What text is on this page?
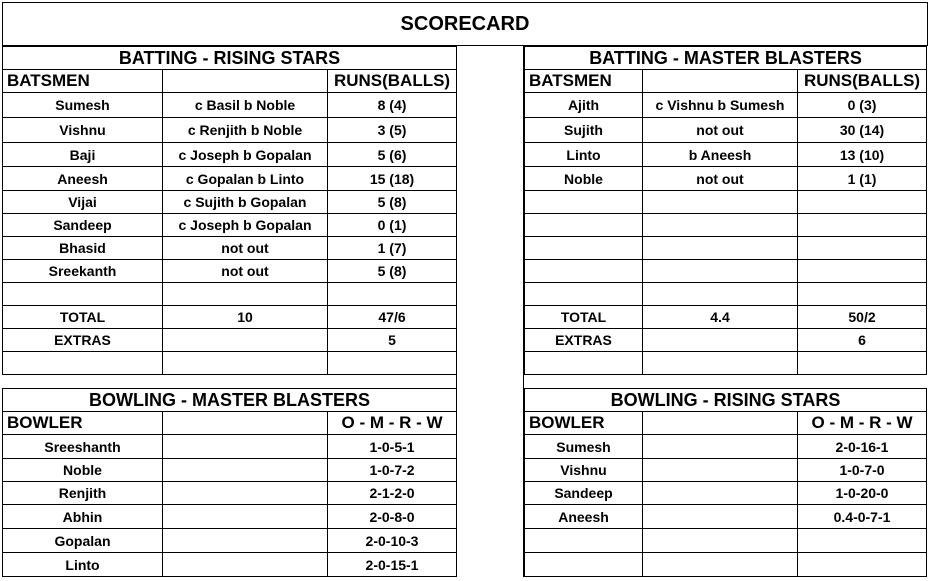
SCORECARD
BATTING - RISING STARS		
BATSMEN		RUNS(BALLS)
Sumesh	c Basil b Noble	8 (4)
Vishnu	c Renjith b Noble	3 (5)
Baji	c Joseph b Gopalan	5 (6)
Aneesh	c Gopalan b Linto	15 (18)
Vijai	c Sujith b Gopalan	5 (8)
Sandeep	c Joseph b Gopalan	0 (1)
Bhasid	not out	1 (7)
Sreekanth	not out	5 (8)

TOTAL	10	47/6
EXTRAS		5

BATTING - MASTER BLASTERS		
BATSMEN		RUNS(BALLS)
Ajith	c Vishnu b Sumesh	0 (3)
Sujith	not out	30 (14)
Linto	b Aneesh	13 (10)
Noble	not out	1 (1)

TOTAL	4.4	50/2
EXTRAS		6

BOWLING - MASTER BLASTERS		
BOWLER		O - M - R - W
Sreeshanth		1-0-5-1
Noble		1-0-7-2
Renjith		2-1-2-0
Abhin		2-0-8-0
Gopalan		2-0-10-3
Linto		2-0-15-1
BOWLING - RISING STARS		
BOWLER		O - M - R - W
Sumesh		2-0-16-1
Vishnu		1-0-7-0
Sandeep		1-0-20-0
Aneesh		0.4-0-7-1
